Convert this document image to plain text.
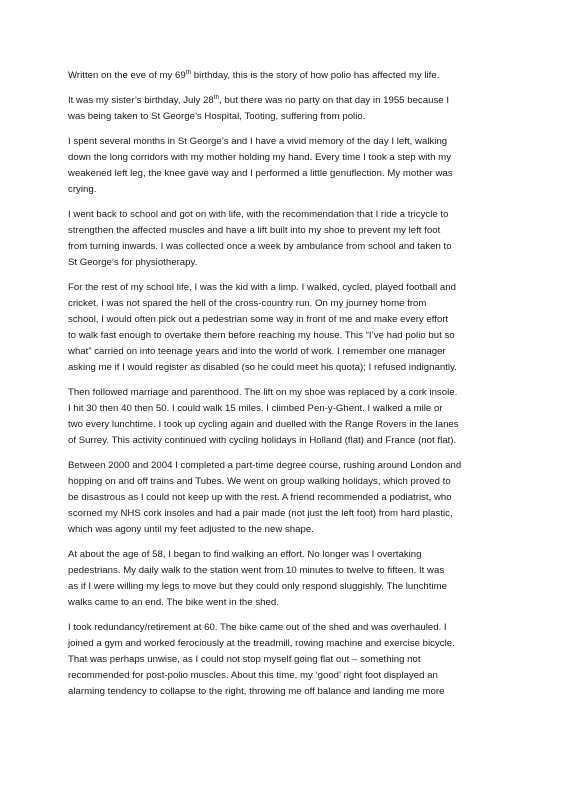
Written on the eve of my 69th birthday, this is the story of how polio has affected my life.

It was my sister’s birthday, July 28th, but there was no party on that day in 1955 because I
was being taken to St George’s Hospital, Tooting, suffering from polio.

I spent several months in St George’s and I have a vivid memory of the day I left, walking
down the long corridors with my mother holding my hand. Every time I took a step with my
weakened left leg, the knee gave way and I performed a little genuflection. My mother was
crying.

I went back to school and got on with life, with the recommendation that I ride a tricycle to
strengthen the affected muscles and have a lift built into my shoe to prevent my left foot
from turning inwards. I was collected once a week by ambulance from school and taken to
St George’s for physiotherapy.

For the rest of my school life, I was the kid with a limp. I walked, cycled, played football and
cricket. I was not spared the hell of the cross-country run. On my journey home from
school, I would often pick out a pedestrian some way in front of me and make every effort
to walk fast enough to overtake them before reaching my house. This “I’ve had polio but so
what” carried on into teenage years and into the world of work. I remember one manager
asking me if I would register as disabled (so he could meet his quota); I refused indignantly.

Then followed marriage and parenthood. The lift on my shoe was replaced by a cork insole.
I hit 30 then 40 then 50. I could walk 15 miles. I climbed Pen-y-Ghent. I walked a mile or
two every lunchtime. I took up cycling again and duelled with the Range Rovers in the lanes
of Surrey. This activity continued with cycling holidays in Holland (flat) and France (not flat).

Between 2000 and 2004 I completed a part-time degree course, rushing around London and
hopping on and off trains and Tubes. We went on group walking holidays, which proved to
be disastrous as I could not keep up with the rest. A friend recommended a podiatrist, who
scorned my NHS cork insoles and had a pair made (not just the left foot) from hard plastic,
which was agony until my feet adjusted to the new shape.

At about the age of 58, I began to find walking an effort. No longer was I overtaking
pedestrians. My daily walk to the station went from 10 minutes to twelve to fifteen. It was
as if I were willing my legs to move but they could only respond sluggishly. The lunchtime
walks came to an end. The bike went in the shed.

I took redundancy/retirement at 60. The bike came out of the shed and was overhauled. I
joined a gym and worked ferociously at the treadmill, rowing machine and exercise bicycle.
That was perhaps unwise, as I could not stop myself going flat out – something not
recommended for post-polio muscles. About this time, my ‘good’ right foot displayed an
alarming tendency to collapse to the right, throwing me off balance and landing me more
